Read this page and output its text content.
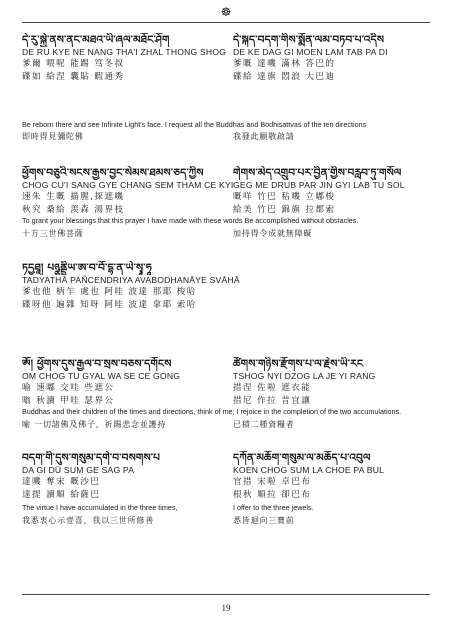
☸
དེ་རུ་སྐྱེ་ནས་ནང་མཐའ་ཡི་ཞལ་མཐོང་ཤོག
DE RU KYE NE NANG THA'I ZHAL THONG SHOG
爹爾 喂呢 能踢 笃冬叔
碟如 給涅 囊貼 暇通秀
དེ་སྐད་བདག་གིས་སྨོན་ལམ་བཏབ་པ་འདིས
DE KE DAG GI MOEN LAM TAB PA DI
爹嘅 達嘰 滿林 答巴的
碟給 達旗 悶浪 大巴迪
Be reborn there and see Infinite Light's face. I request all the Buddhas and Bodhisattvas of the ten directions
即時得見彌陀佛	我發此願敬啟請
ཕྱོགས་བཅུའི་སངས་རྒྱས་བྱང་སེམས་ཐམས་ཅད་ཀྱིས
CHOG CU'I SANG GYE CHANG SEM THAM CE KYI
速朱 生嘅 描腥,探遮嘰
秋究 桑給 羨森 湯界枝
གེགས་མེད་འགྲུབ་པར་བྱིན་གྱིས་བརླབ་ཏུ་གསོལ
GEG ME DRUB PAR JIN GYI LAB TU SOL
嘅咩 竹巴 秥嘰 立嘟梭
給美 竹巴 錦旗 拉都索
To grant your blessings that this prayer I have made with these words Be accomplished without obstacles.
十方三世佛菩薩	加持得令成就無障礙
ཏདྱཐཱ། པཉྩནྡྲིཡ་ཨ་བ་བོ་དྷ་ན་ཡེ་སྭཱ་ཧཱ
TADYATHĀ PAÑCENDRIYA AVABODHANĀYE SVĀHĀ
爹也他 柄乍 處也 阿哇 波達 那耶 梭哈
碟呀他 遍雜 知呀 阿哇 波達 拿耶 索哈
ཨོཾ། ཕྱོགས་དུས་རྒྱལ་བ་སྲས་བཅས་དགོངས
OM CHOG TU GYAL WA SE CE GONG
喻 速嘟 交哇 些遮公
嗡 秋讀 甲哇 瑟界公
ཚོགས་གཉིས་རྫོགས་པ་ལ་རྗེས་ཡི་རང
TSHOG NYI DZOG LA JE YI RANG
措涅 佐啦 遮衣能
措尼 作拉 昔宜讓
Buddhas and their children of the times and directions, think of me; I rejoice in the completion of the two accumulations.
喻 一切諸佛及佛子，祈賜悲念並護持	已積二種資糧者
བདག་གི་དུས་གསུམ་དགེ་བ་བསགས་པ
DA GI DÜ SUM GE SAG PA
達嘰 奪宋 嘅沙巴
達提 讀順 給薩巴
The virtue I have accumulated in the three times,
我悉衷心示壹喜，我以三世所修善
དཀོན་མཆོག་གསུམ་ལ་མཆོད་པ་འབུལ
KOEN CHOG SUM LA CHOE PA BUL
官措 宋啦 卓巴布
根秋 順拉 卻巴布
I offer to the three jewels.
悉皆迴向三寶前
19
